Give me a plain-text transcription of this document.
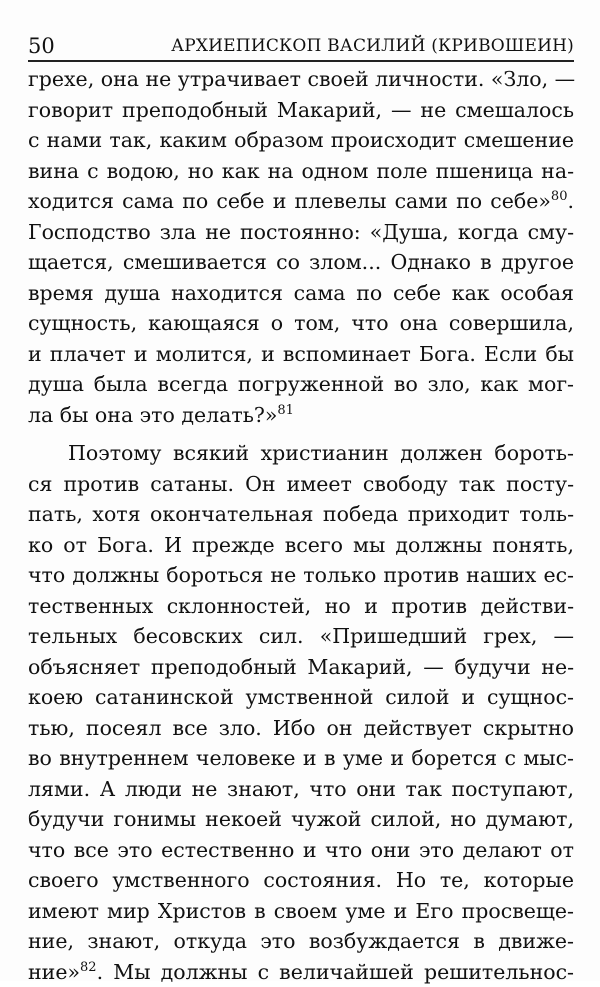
50	АРХИЕПИСКОП ВАСИЛИЙ (КРИВОШЕИН)
грехе, она не утрачивает своей личности. «Зло, —
говорит преподобный Макарий, — не смешалось
с нами так, каким образом происходит смешение
вина с водою, но как на одном поле пшеница на-
ходится сама по себе и плевелы сами по себе»$^{80}$.
Господство зла не постоянно: «Душа, когда сму-
щается, смешивается со злом... Однако в другое
время душа находится сама по себе как особая
сущность, кающаяся о том, что она совершила,
и плачет и молится, и вспоминает Бога. Если бы
душа была всегда погруженной во зло, как мог-
ла бы она это делать?»$^{81}$
Поэтому всякий христианин должен бороть-
ся против сатаны. Он имеет свободу так посту-
пать, хотя окончательная победа приходит толь-
ко от Бога. И прежде всего мы должны понять,
что должны бороться не только против наших ес-
тественных склонностей, но и против действи-
тельных бесовских сил. «Пришедший грех, —
объясняет преподобный Макарий, — будучи не-
коею сатанинской умственной силой и сущнос-
тью, посеял все зло. Ибо он действует скрытно
во внутреннем человеке и в уме и борется с мыс-
лями. А люди не знают, что они так поступают,
будучи гонимы некоей чужой силой, но думают,
что все это естественно и что они это делают от
своего умственного состояния. Но те, которые
имеют мир Христов в своем уме и Его просвеще-
ние, знают, откуда это возбуждается в движе-
ние»$^{82}$. Мы должны с величайшей решительнос-
